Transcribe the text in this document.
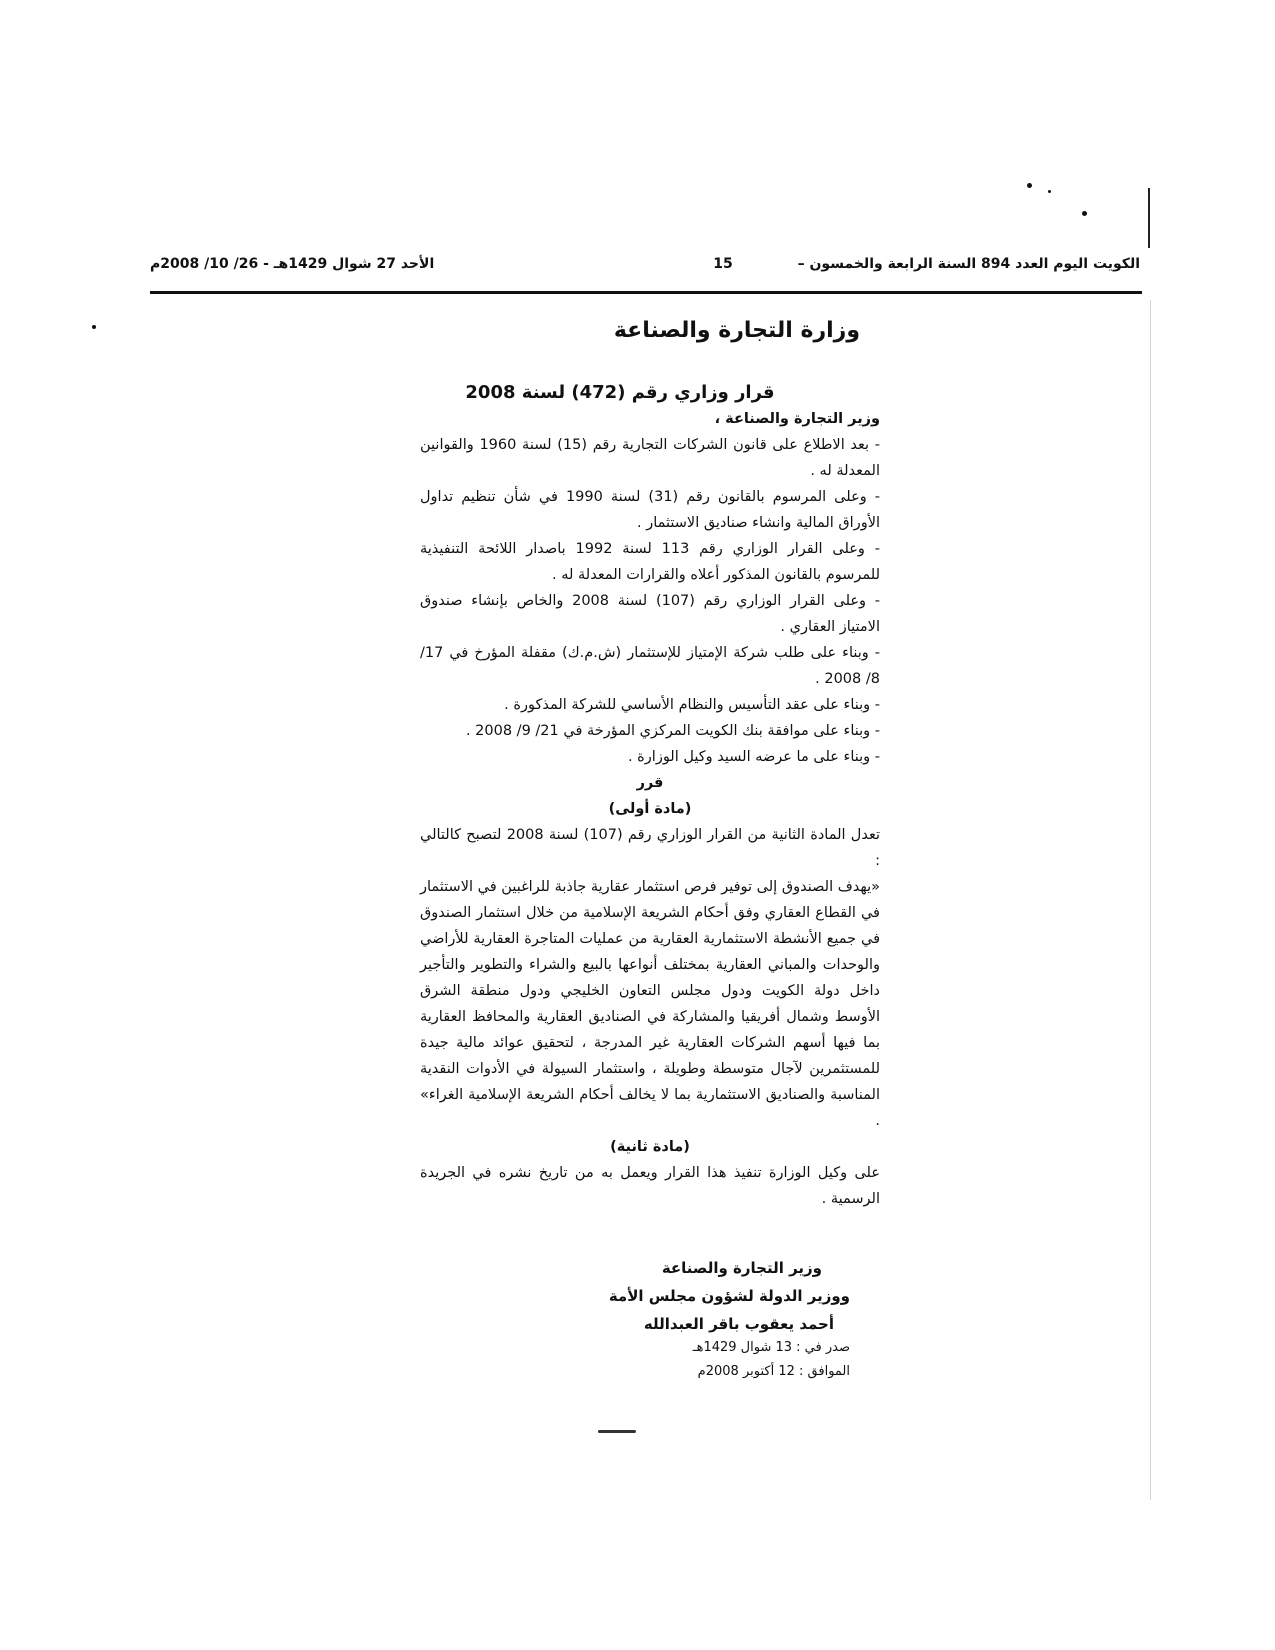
الكويت اليوم العدد 894 السنة الرابعة والخمسون – 15
الأحد 27 شوال 1429هـ - 26/ 10/ 2008م
وزارة التجارة والصناعة

قرار وزاري رقم (472) لسنة 2008

وزير التجارة والصناعة ،

- بعد الاطلاع على قانون الشركات التجارية رقم (15) لسنة 1960 والقوانين المعدلة له .

- وعلى المرسوم بالقانون رقم (31) لسنة 1990 في شأن تنظيم تداول الأوراق المالية وانشاء صناديق الاستثمار .

- وعلى القرار الوزاري رقم 113 لسنة 1992 باصدار اللائحة التنفيذية للمرسوم بالقانون المذكور أعلاه والقرارات المعدلة له .

- وعلى القرار الوزاري رقم (107) لسنة 2008 والخاص بإنشاء صندوق الامتياز العقاري .

- وبناء على طلب شركة الإمتياز للإستثمار (ش.م.ك) مقفلة المؤرخ في 17/ 8/ 2008 .

- وبناء على عقد التأسيس والنظام الأساسي للشركة المذكورة .

- وبناء على موافقة بنك الكويت المركزي المؤرخة في 21/ 9/ 2008 .

- وبناء على ما عرضه السيد وكيل الوزارة .

قرر

(مادة أولى)

تعدل المادة الثانية من القرار الوزاري رقم (107) لسنة 2008 لتصبح كالتالي :

«يهدف الصندوق إلى توفير فرص استثمار عقارية جاذبة للراغبين في الاستثمار في القطاع العقاري وفق أحكام الشريعة الإسلامية من خلال استثمار الصندوق في جميع الأنشطة الاستثمارية العقارية من عمليات المتاجرة العقارية للأراضي والوحدات والمباني العقارية بمختلف أنواعها بالبيع والشراء والتطوير والتأجير داخل دولة الكويت ودول مجلس التعاون الخليجي ودول منطقة الشرق الأوسط وشمال أفريقيا والمشاركة في الصناديق العقارية والمحافظ العقارية بما فيها أسهم الشركات العقارية غير المدرجة ، لتحقيق عوائد مالية جيدة للمستثمرين لآجال متوسطة وطويلة ، واستثمار السيولة في الأدوات النقدية المناسبة والصناديق الاستثمارية بما لا يخالف أحكام الشريعة الإسلامية الغراء» .

(مادة ثانية)

على وكيل الوزارة تنفيذ هذا القرار ويعمل به من تاريخ نشره في الجريدة الرسمية .

وزير التجارة والصناعة
ووزير الدولة لشؤون مجلس الأمة
أحمد يعقوب باقر العبدالله
صدر في : 13 شوال 1429هـ
الموافق : 12 أكتوبر 2008م
